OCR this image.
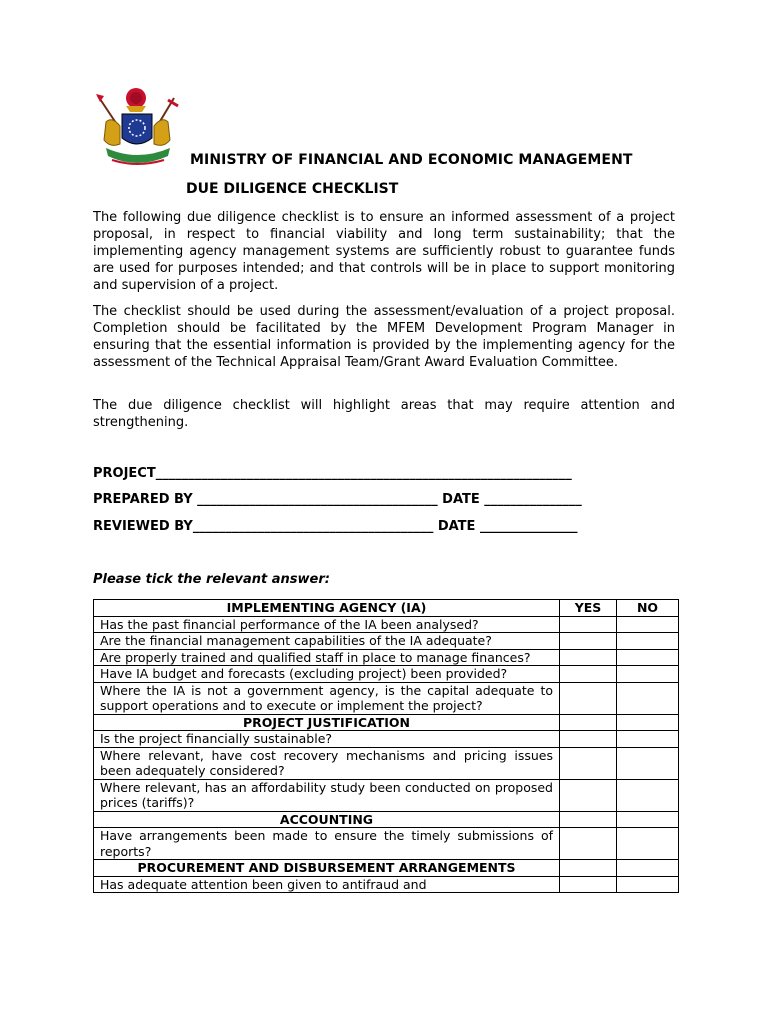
MINISTRY OF FINANCIAL AND ECONOMIC MANAGEMENT
DUE DILIGENCE CHECKLIST

The following due diligence checklist is to ensure an informed assessment of a project proposal, in respect to financial viability and long term sustainability; that the implementing agency management systems are sufficiently robust to guarantee funds are used for purposes intended; and that controls will be in place to support monitoring and supervision of a project.

The checklist should be used during the assessment/evaluation of a project proposal. Completion should be facilitated by the MFEM Development Program Manager in ensuring that the essential information is provided by the implementing agency for the assessment of the Technical Appraisal Team/Grant Award Evaluation Committee.

The due diligence checklist will highlight areas that may require attention and strengthening.

PROJECT________________________________________________________________
PREPARED BY _____________________________________ DATE _______________
REVIEWED BY_____________________________________ DATE _______________
Please tick the relevant answer:
IMPLEMENTING AGENCY (IA)	YES	NO
Has the past financial performance of the IA been analysed?		
Are the financial management capabilities of the IA adequate?		
Are properly trained and qualified staff in place to manage finances?		
Have IA budget and forecasts (excluding project) been provided?		
Where the IA is not a government agency, is the capital adequate to support operations and to execute or implement the project?		
PROJECT JUSTIFICATION		
Is the project financially sustainable?		
Where relevant, have cost recovery mechanisms and pricing issues been adequately considered?		
Where relevant, has an affordability study been conducted on proposed prices (tariffs)?		
ACCOUNTING		
Have arrangements been made to ensure the timely submissions of reports?		
PROCUREMENT AND DISBURSEMENT ARRANGEMENTS		
Has adequate attention been given to antifraud and		
